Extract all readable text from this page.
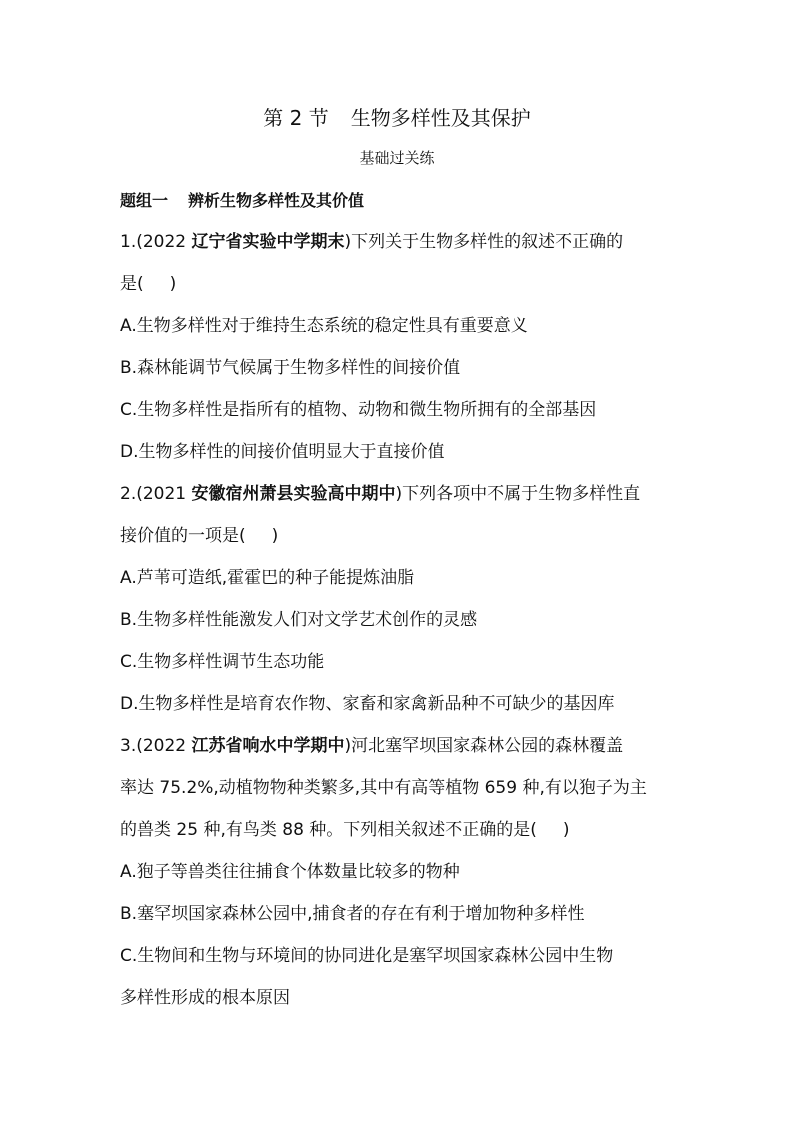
第 2 节 生物多样性及其保护
基础过关练
题组一 辨析生物多样性及其价值
1.(2022 辽宁省实验中学期末)下列关于生物多样性的叙述不正确的
是( )
A.生物多样性对于维持生态系统的稳定性具有重要意义
B.森林能调节气候属于生物多样性的间接价值
C.生物多样性是指所有的植物、动物和微生物所拥有的全部基因
D.生物多样性的间接价值明显大于直接价值
2.(2021 安徽宿州萧县实验高中期中)下列各项中不属于生物多样性直
接价值的一项是( )
A.芦苇可造纸,霍霍巴的种子能提炼油脂
B.生物多样性能激发人们对文学艺术创作的灵感
C.生物多样性调节生态功能
D.生物多样性是培育农作物、家畜和家禽新品种不可缺少的基因库
3.(2022 江苏省响水中学期中)河北塞罕坝国家森林公园的森林覆盖
率达 75.2%,动植物物种类繁多,其中有高等植物 659 种,有以狍子为主
的兽类 25 种,有鸟类 88 种。下列相关叙述不正确的是( )
A.狍子等兽类往往捕食个体数量比较多的物种
B.塞罕坝国家森林公园中,捕食者的存在有利于增加物种多样性
C.生物间和生物与环境间的协同进化是塞罕坝国家森林公园中生物
多样性形成的根本原因
